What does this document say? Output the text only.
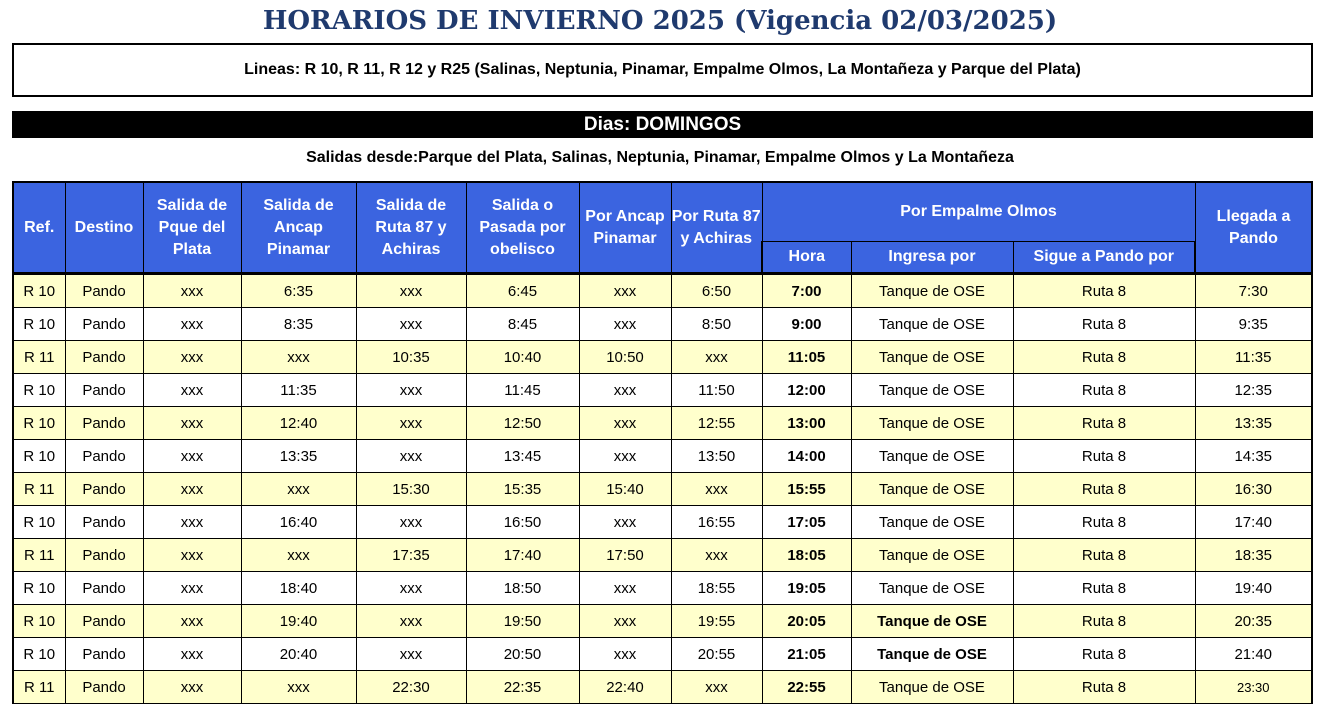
HORARIOS DE INVIERNO 2025 (Vigencia 02/03/2025)
Lineas: R 10, R 11, R 12 y R25 (Salinas, Neptunia, Pinamar, Empalme Olmos, La Montañeza y Parque del Plata)
Dias: DOMINGOS
Salidas desde:Parque del Plata, Salinas, Neptunia, Pinamar, Empalme Olmos y La Montañeza
Ref.	Destino	Salida de Pque del Plata	Salida de Ancap Pinamar	Salida de Ruta 87 y Achiras	Salida o Pasada por obelisco	Por Ancap Pinamar	Por Ruta 87 y Achiras	Por Empalme Olmos			Llegada a Pando
								Hora	Ingresa por	Sigue a Pando por	
R 10	Pando	xxx	6:35	xxx	6:45	xxx	6:50	7:00	Tanque de OSE	Ruta 8	7:30
R 10	Pando	xxx	8:35	xxx	8:45	xxx	8:50	9:00	Tanque de OSE	Ruta 8	9:35
R 11	Pando	xxx	xxx	10:35	10:40	10:50	xxx	11:05	Tanque de OSE	Ruta 8	11:35
R 10	Pando	xxx	11:35	xxx	11:45	xxx	11:50	12:00	Tanque de OSE	Ruta 8	12:35
R 10	Pando	xxx	12:40	xxx	12:50	xxx	12:55	13:00	Tanque de OSE	Ruta 8	13:35
R 10	Pando	xxx	13:35	xxx	13:45	xxx	13:50	14:00	Tanque de OSE	Ruta 8	14:35
R 11	Pando	xxx	xxx	15:30	15:35	15:40	xxx	15:55	Tanque de OSE	Ruta 8	16:30
R 10	Pando	xxx	16:40	xxx	16:50	xxx	16:55	17:05	Tanque de OSE	Ruta 8	17:40
R 11	Pando	xxx	xxx	17:35	17:40	17:50	xxx	18:05	Tanque de OSE	Ruta 8	18:35
R 10	Pando	xxx	18:40	xxx	18:50	xxx	18:55	19:05	Tanque de OSE	Ruta 8	19:40
R 10	Pando	xxx	19:40	xxx	19:50	xxx	19:55	20:05	Tanque de OSE	Ruta 8	20:35
R 10	Pando	xxx	20:40	xxx	20:50	xxx	20:55	21:05	Tanque de OSE	Ruta 8	21:40
R 11	Pando	xxx	xxx	22:30	22:35	22:40	xxx	22:55	Tanque de OSE	Ruta 8	23:30
